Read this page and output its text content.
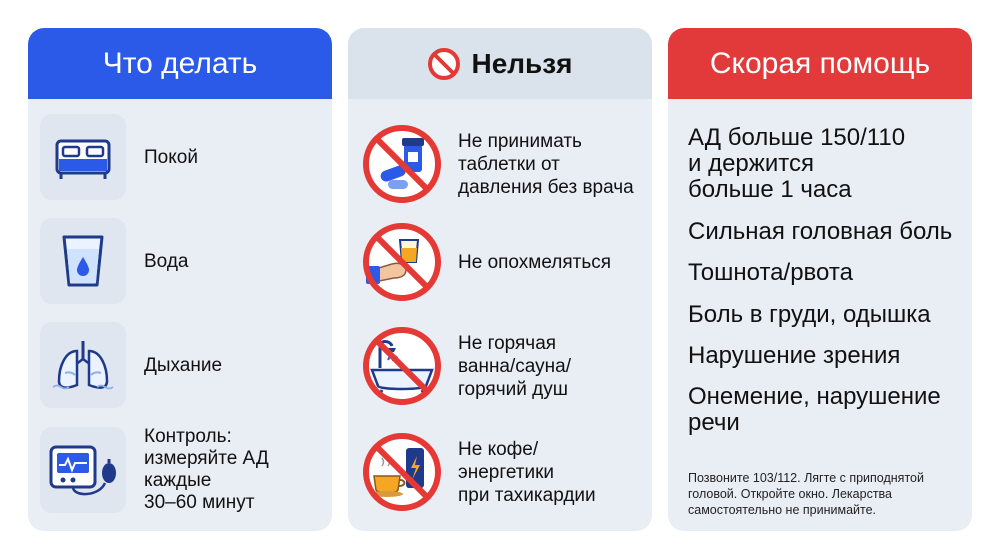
Что делать
Покой
Вода
Дыхание
Контроль:
измеряйте АД
каждые
30–60 минут
Нельзя
Не принимать
таблетки от
давления без врача
Не опохмеляться
Не горячая
ванна/сауна/
горячий душ
Не кофе/
энергетики
при тахикардии
Скорая помощь
АД больше 150/110
и держится
больше 1 часа
Сильная головная боль
Тошнота/рвота
Боль в груди, одышка
Нарушение зрения
Онемение, нарушение
речи
Позвоните 103/112. Лягте с приподнятой
головой. Откройте окно. Лекарства
самостоятельно не принимайте.
